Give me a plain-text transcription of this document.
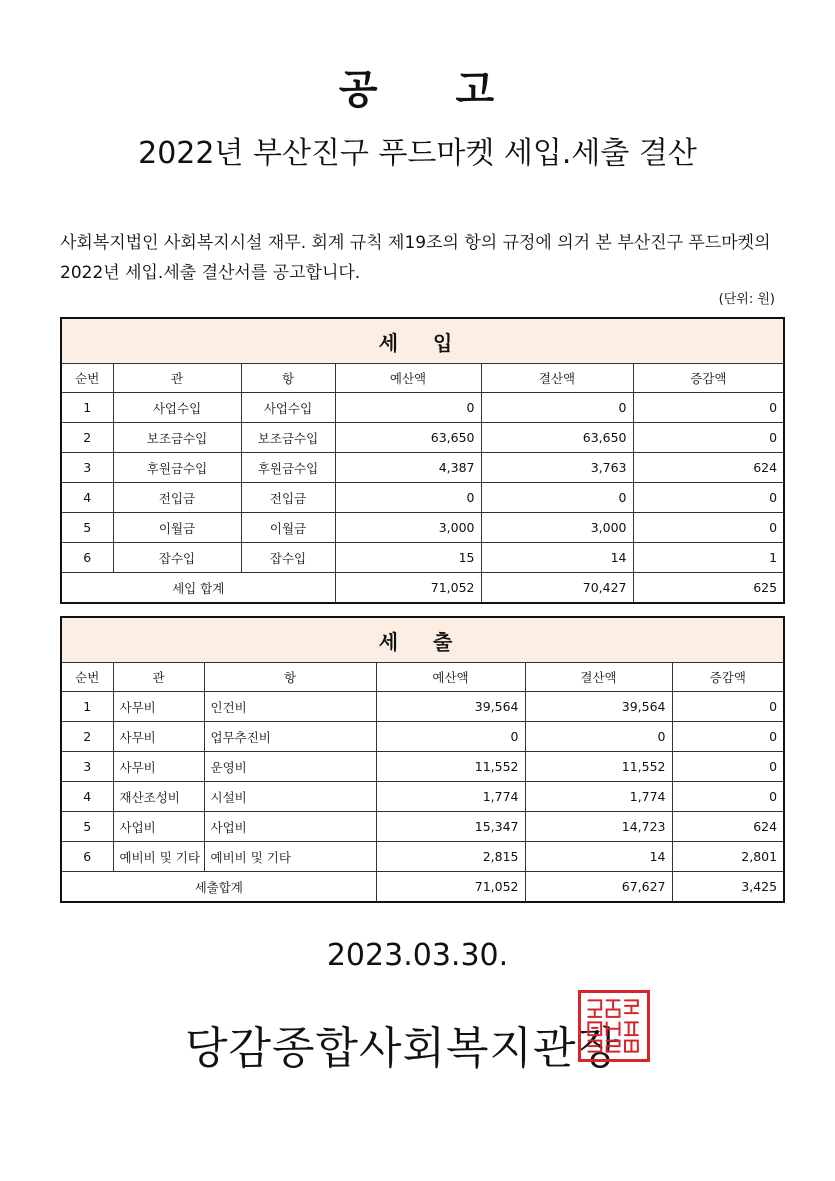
공 고
2022년 부산진구 푸드마켓 세입.세출 결산
사회복지법인 사회복지시설 재무. 회계 규칙 제19조의 항의 규정에 의거 본 부산진구 푸드마켓의 2022년 세입.세출 결산서를 공고합니다.
(단위: 원)
세 입					
순번	관	항	예산액	결산액	증감액
1	사업수입	사업수입	0	0	0
2	보조금수입	보조금수입	63,650	63,650	0
3	후원금수입	후원금수입	4,387	3,763	624
4	전입금	전입금	0	0	0
5	이월금	이월금	3,000	3,000	0
6	잡수입	잡수입	15	14	1
세입 합계			71,052	70,427	625
세 출					
순번	관	항	예산액	결산액	증감액
1	사무비	인건비	39,564	39,564	0
2	사무비	업무추진비	0	0	0
3	사무비	운영비	11,552	11,552	0
4	재산조성비	시설비	1,774	1,774	0
5	사업비	사업비	15,347	14,723	624
6	예비비 및 기타	예비비 및 기타	2,815	14	2,801
세출합계			71,052	67,627	3,425
2023.03.30.
당감종합사회복지관장
